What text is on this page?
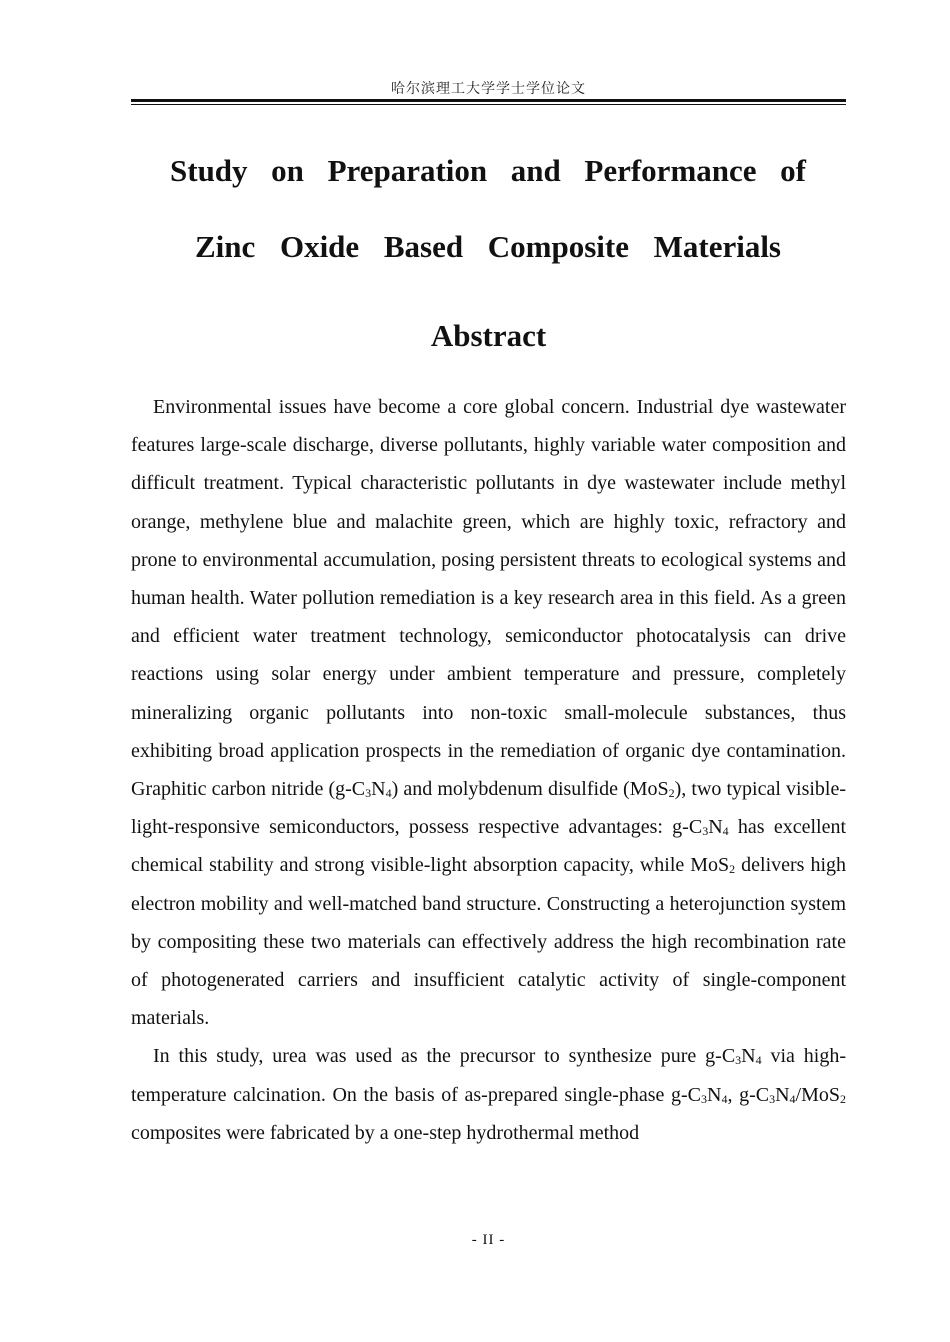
哈尔滨理工大学学士学位论文
Study on Preparation and Performance of
Zinc Oxide Based Composite Materials
Abstract

Environmental issues have become a core global concern. Industrial dye wastewater features large-scale discharge, diverse pollutants, highly variable water composition and difficult treatment. Typical characteristic pollutants in dye wastewater include methyl orange, methylene blue and malachite green, which are highly toxic, refractory and prone to environmental accumulation, posing persistent threats to ecological systems and human health. Water pollution remediation is a key research area in this field. As a green and efficient water treatment technology, semiconductor photocatalysis can drive reactions using solar energy under ambient temperature and pressure, completely mineralizing organic pollutants into non-toxic small-molecule substances, thus exhibiting broad application prospects in the remediation of organic dye contamination. Graphitic carbon nitride $(g-C_3N_4)$ and molybdenum disulfide (MoS$_2$), two typical visible-light-responsive semiconductors, possess respective advantages: $g-C_3N_4$ has excellent chemical stability and strong visible-light absorption capacity, while MoS$_2$ delivers high electron mobility and well-matched band structure. Constructing a heterojunction system by compositing these two materials can effectively address the high recombination rate of photogenerated carriers and insufficient catalytic activity of single-component materials.

In this study, urea was used as the precursor to synthesize pure $g-C_3N_4$ via high-temperature calcination. On the basis of as-prepared single-phase $g-C_3N_4$, $g-C_3N_4/MoS_2$ composites were fabricated by a one-step hydrothermal method

- II -
